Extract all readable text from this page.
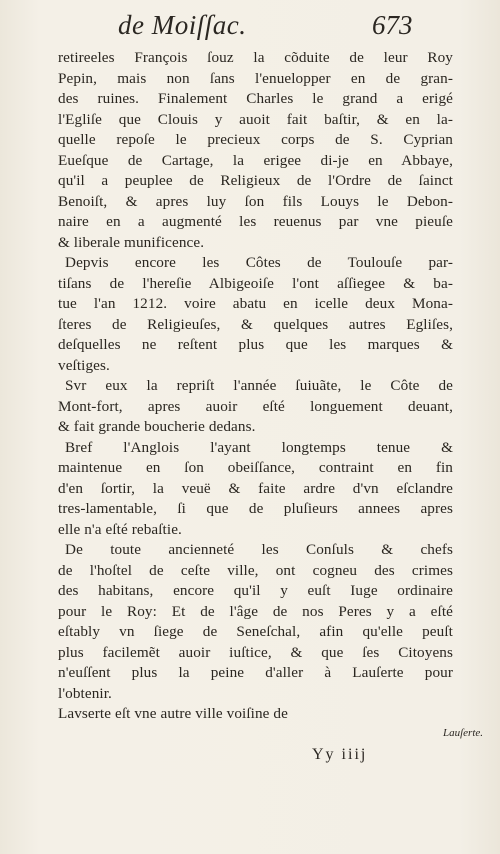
de Moiſſac.	673
retireeles François ſouz la cõduite de leur Roy
Pepin, mais non ſans l'enuelopper en de gran-
des ruines. Finalement Charles le grand a erigé
l'Egliſe que Clouis y auoit fait baſtir, & en la-
quelle repoſe le precieux corps de S. Cyprian
Eueſque de Cartage, la erigee di-je en Abbaye,
qu'il a peuplee de Religieux de l'Ordre de ſainct
Benoiſt, & apres luy ſon fils Louys le Debon-
naire en a augmenté les reuenus par vne pieuſe
& liberale munificence.
Depvis encore les Côtes de Toulouſe par-
tiſans de l'hereſie Albigeoiſe l'ont aſſiegee & ba-
tue l'an 1212. voire abatu en icelle deux Mona-
ſteres de Religieuſes, & quelques autres Egliſes,
deſquelles ne reſtent plus que les marques &
veſtiges.
Svr eux la repriſt l'année ſuiuãte, le Côte de
Mont-fort, apres auoir eſté longuement deuant,
& fait grande boucherie dedans.
Bref l'Anglois l'ayant longtemps tenue &
maintenue en ſon obeiſſance, contraint en fin
d'en ſortir, la veuë & faite ardre d'vn eſclandre
tres-lamentable, ſi que de pluſieurs annees apres
elle n'a eſté rebaſtie.
De toute ancienneté les Conſuls & chefs
de l'hoſtel de ceſte ville, ont cogneu des crimes
des habitans, encore qu'il y euſt Iuge ordinaire
pour le Roy: Et de l'âge de nos Peres y a eſté
eſtably vn ſiege de Seneſchal, afin qu'elle peuſt
plus facilemẽt auoir iuſtice, & que ſes Citoyens
n'euſſent plus la peine d'aller à Lauſerte pour
l'obtenir.
Lavserte eſt vne autre ville voiſine de
Lauſerte.
Yy iiij
